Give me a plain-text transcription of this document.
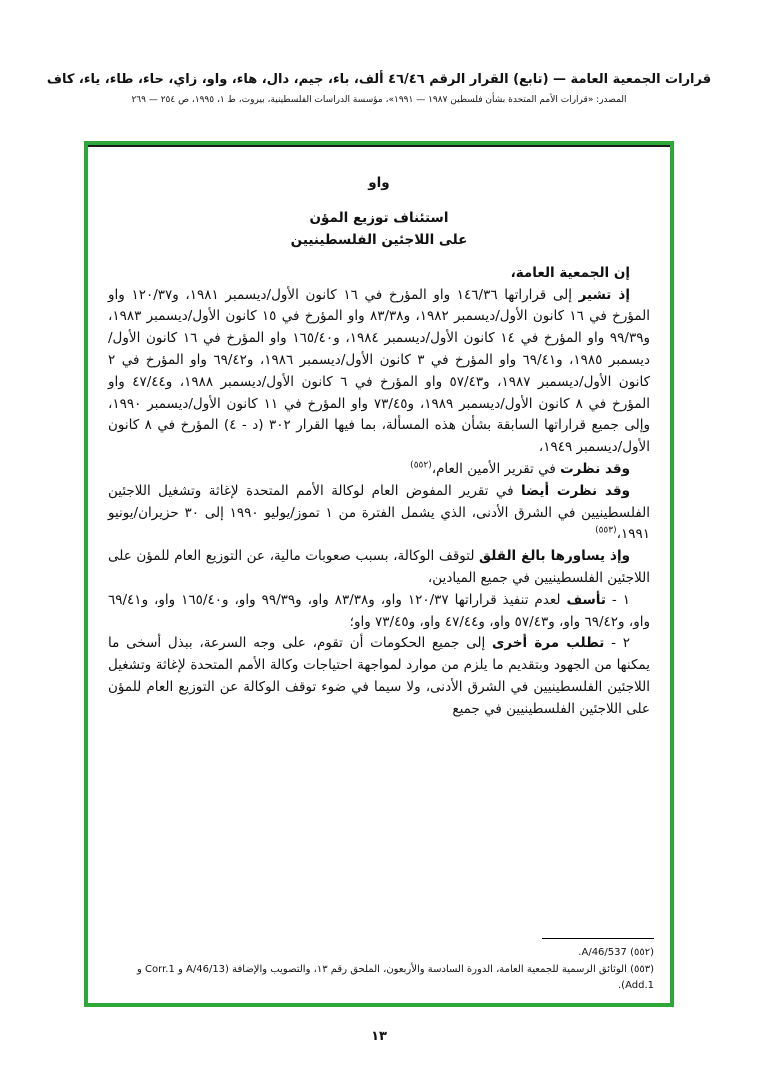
قرارات الجمعية العامة — (تابع) القرار الرقم ٤٦/٤٦ ألف، باء، جيم، دال، هاء، واو، زاي، حاء، طاء، ياء، كاف
المصدر: «قرارات الأمم المتحدة بشأن فلسطين ١٩٨٧ — ١٩٩١»، مؤسسة الدراسات الفلسطينية، بيروت، ط ١، ١٩٩٥، ص ٢٥٤ — ٢٦٩
واو
استئناف توزيع المؤن
على اللاجئين الفلسطينيين

إن الجمعية العامة،

إذ تشير إلى قراراتها ١٤٦/٣٦ واو المؤرخ في ١٦ كانون الأول/ديسمبر ١٩٨١، و١٢٠/٣٧ واو المؤرخ في ١٦ كانون الأول/ديسمبر ١٩٨٢، و٨٣/٣٨ واو المؤرخ في ١٥ كانون الأول/ديسمبر ١٩٨٣، و٩٩/٣٩ واو المؤرخ في ١٤ كانون الأول/ديسمبر ١٩٨٤، و١٦٥/٤٠ واو المؤرخ في ١٦ كانون الأول/ديسمبر ١٩٨٥، و٦٩/٤١ واو المؤرخ في ٣ كانون الأول/ديسمبر ١٩٨٦، و٦٩/٤٢ واو المؤرخ في ٢ كانون الأول/ديسمبر ١٩٨٧، و٥٧/٤٣ واو المؤرخ في ٦ كانون الأول/ديسمبر ١٩٨٨، و٤٧/٤٤ واو المؤرخ في ٨ كانون الأول/ديسمبر ١٩٨٩، و٧٣/٤٥ واو المؤرخ في ١١ كانون الأول/ديسمبر ١٩٩٠، وإلى جميع قراراتها السابقة بشأن هذه المسألة، بما فيها القرار ٣٠٢ (د - ٤) المؤرخ في ٨ كانون الأول/ديسمبر ١٩٤٩،

وقد نظرت في تقرير الأمين العام،$^{(٥٥٢)}$

وقد نظرت أيضا في تقرير المفوض العام لوكالة الأمم المتحدة لإغاثة وتشغيل اللاجئين الفلسطينيين في الشرق الأدنى، الذي يشمل الفترة من ١ تموز/يوليو ١٩٩٠ إلى ٣٠ حزيران/يونيو ١٩٩١،$^{(٥٥٣)}$

وإذ يساورها بالغ القلق لتوقف الوكالة، بسبب صعوبات مالية، عن التوزيع العام للمؤن على اللاجئين الفلسطينيين في جميع الميادين،

١ - تأسف لعدم تنفيذ قراراتها ١٢٠/٣٧ واو، و٨٣/٣٨ واو، و٩٩/٣٩ واو، و١٦٥/٤٠ واو، و٦٩/٤١ واو، و٦٩/٤٢ واو، و٥٧/٤٣ واو، و٤٧/٤٤ واو، و٧٣/٤٥ واو؛

٢ - تطلب مرة أخرى إلى جميع الحكومات أن تقوم، على وجه السرعة، ببذل أسخى ما يمكنها من الجهود وبتقديم ما يلزم من موارد لمواجهة احتياجات وكالة الأمم المتحدة لإغاثة وتشغيل اللاجئين الفلسطينيين في الشرق الأدنى، ولا سيما في ضوء توقف الوكالة عن التوزيع العام للمؤن على اللاجئين الفلسطينيين في جميع

(٥٥٢) A/46/537.

(٥٥٣) الوثائق الرسمية للجمعية العامة، الدورة السادسة والأربعون، الملحق رقم ١٣، والتصويب والإضافة (A/46/13 و Corr.1 و Add.1).

١٣
